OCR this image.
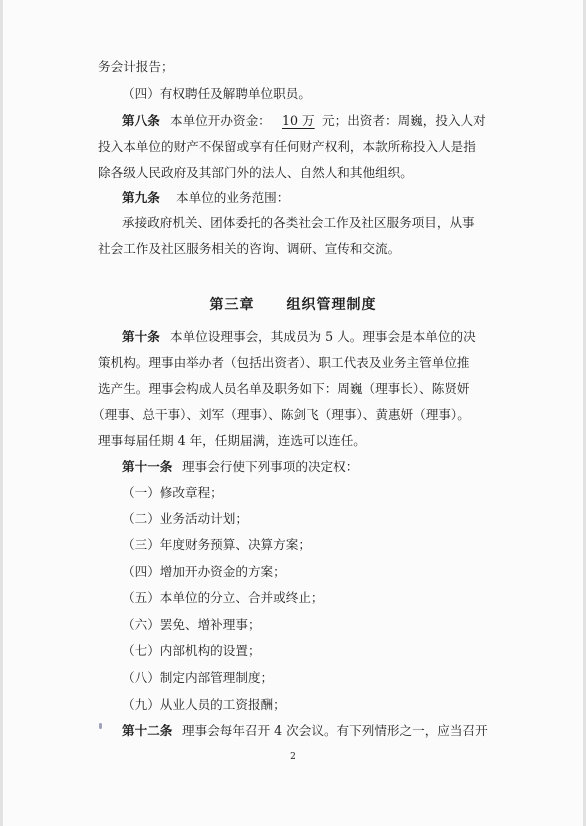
务会计报告；
（四）有权聘任及解聘单位职员。
第八条 本单位开办资金： 10 万 元；出资者：周巍，投入人对
投入本单位的财产不保留或享有任何财产权利，本款所称投入人是指
除各级人民政府及其部门外的法人、自然人和其他组织。
第九条 本单位的业务范围：
承接政府机关、团体委托的各类社会工作及社区服务项目，从事
社会工作及社区服务相关的咨询、调研、宣传和交流。
第三章 组织管理制度
第十条 本单位设理事会，其成员为 5 人。理事会是本单位的决
策机构。理事由举办者（包括出资者）、职工代表及业务主管单位推
选产生。理事会构成人员名单及职务如下：周巍（理事长）、陈贤妍
（理事、总干事）、刘军（理事）、陈剑飞（理事）、黄惠妍（理事）。
理事每届任期 4 年，任期届满，连选可以连任。
第十一条 理事会行使下列事项的决定权：
（一）修改章程；
（二）业务活动计划；
（三）年度财务预算、决算方案；
（四）增加开办资金的方案；
（五）本单位的分立、合并或终止；
（六）罢免、增补理事；
（七）内部机构的设置；
（八）制定内部管理制度；
（九）从业人员的工资报酬；
第十二条 理事会每年召开 4 次会议。有下列情形之一，应当召开
2
